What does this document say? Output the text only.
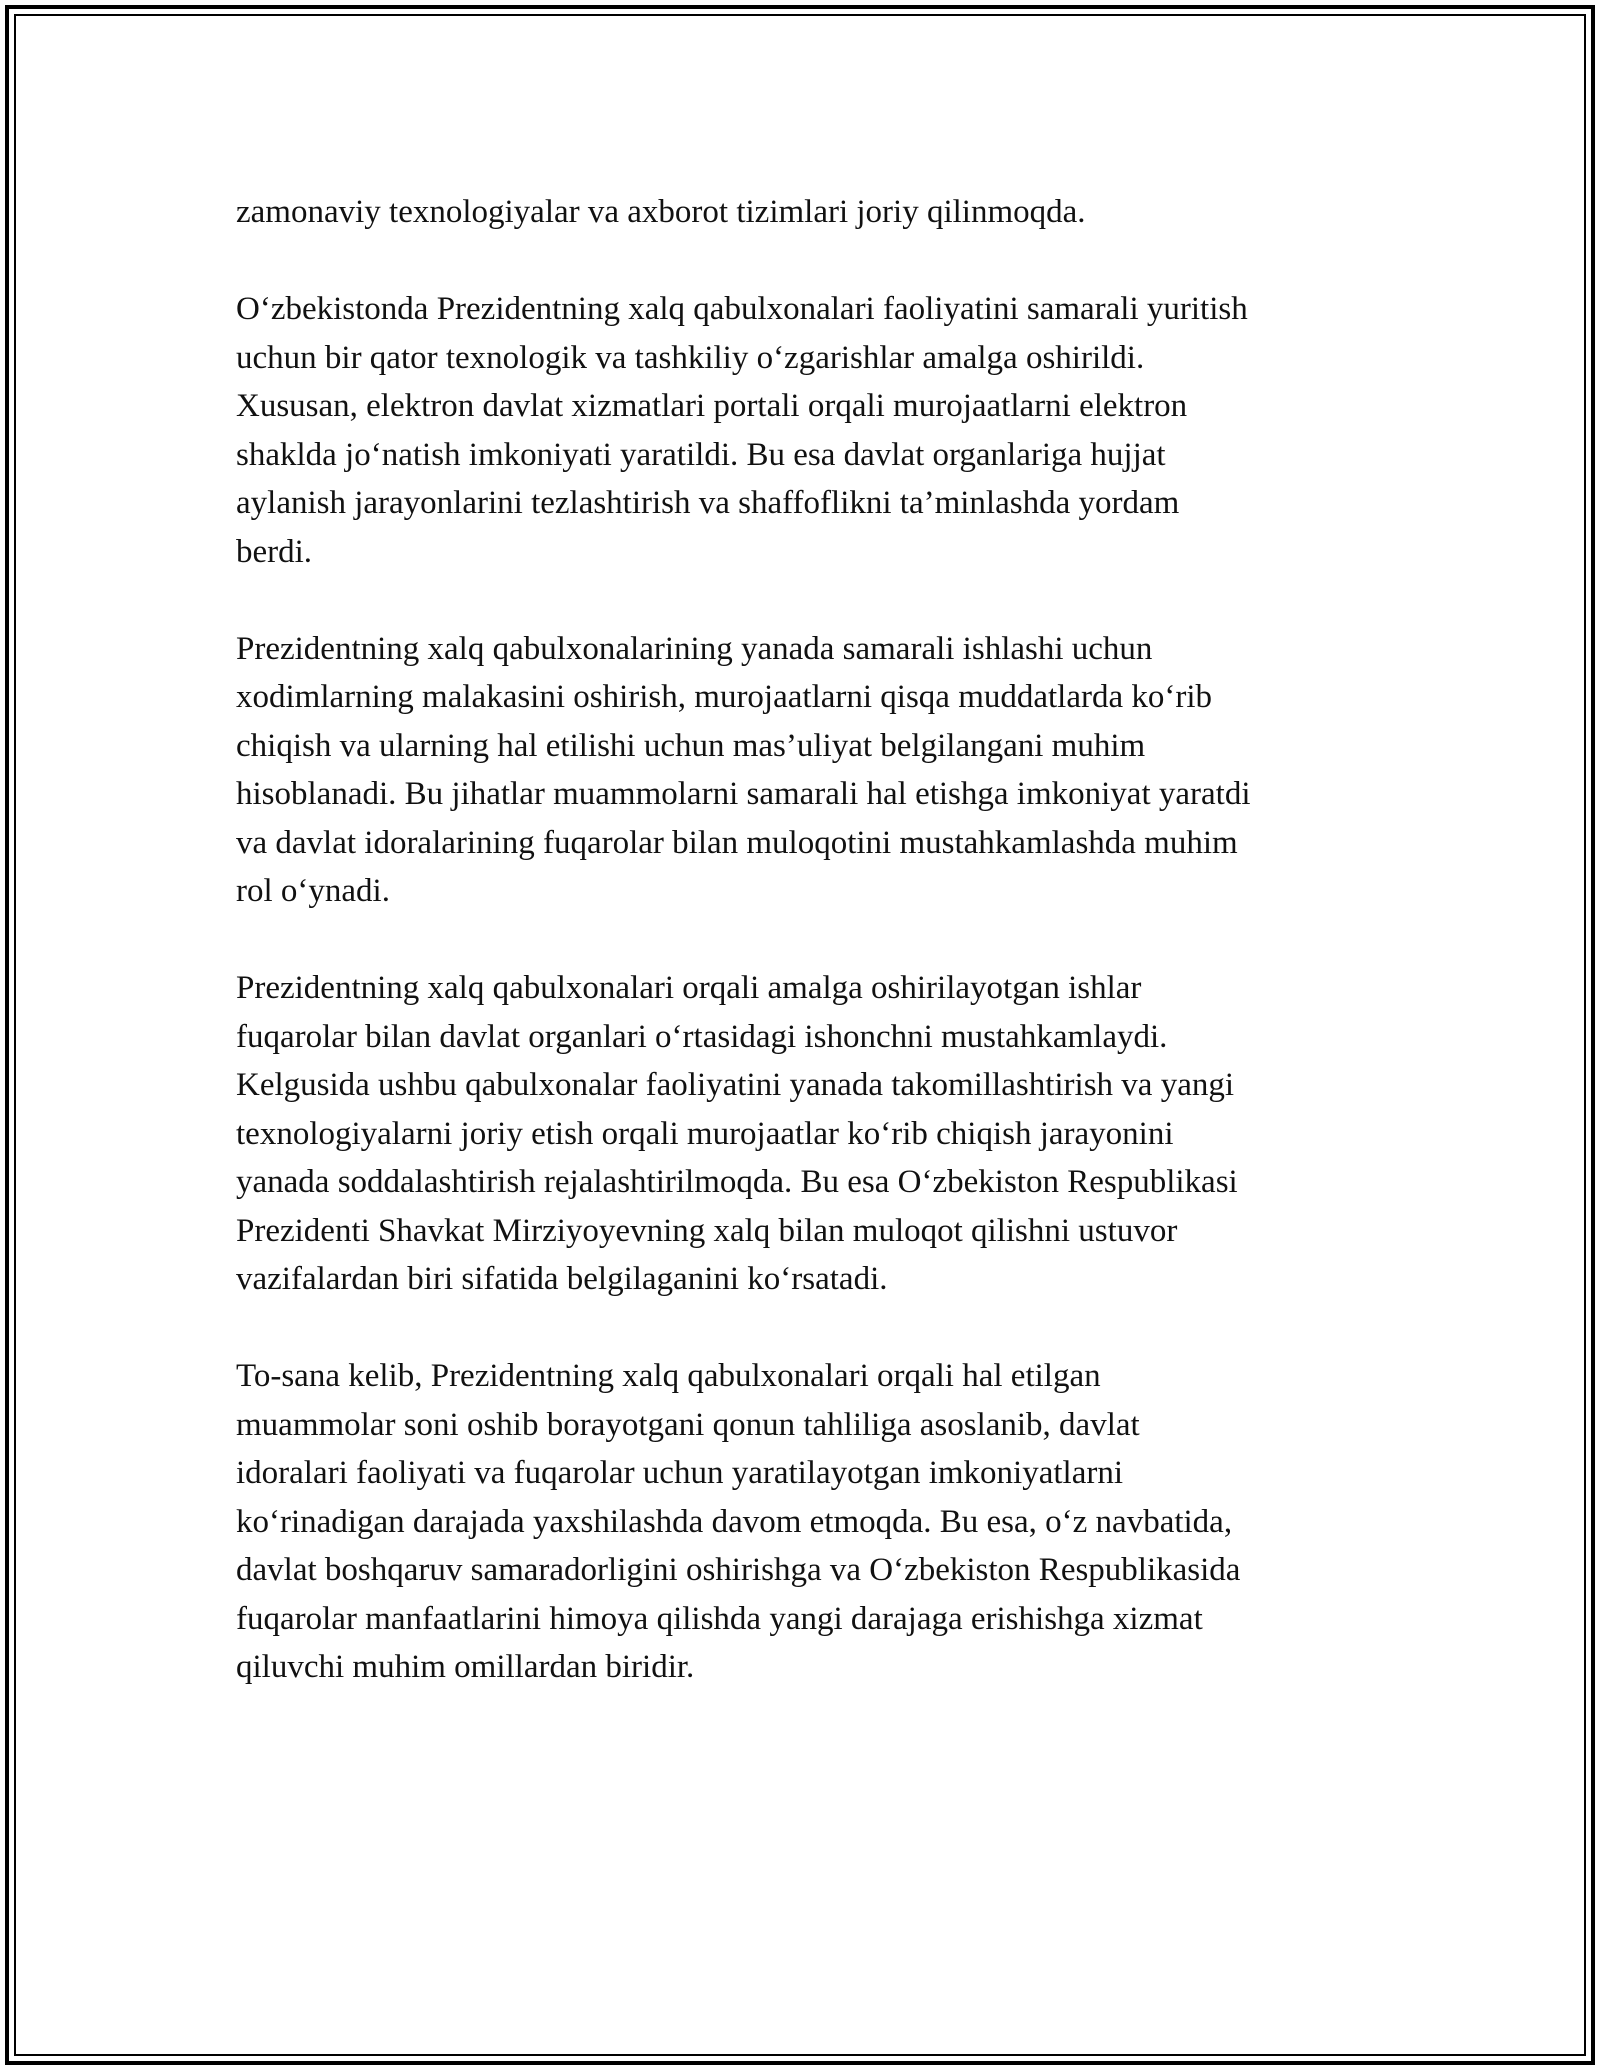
zamonaviy texnologiyalar va axborot tizimlari joriy qilinmoqda.

O‘zbekistonda Prezidentning xalq qabulxonalari faoliyatini samarali yuritish
uchun bir qator texnologik va tashkiliy o‘zgarishlar amalga oshirildi.
Xususan, elektron davlat xizmatlari portali orqali murojaatlarni elektron
shaklda jo‘natish imkoniyati yaratildi. Bu esa davlat organlariga hujjat
aylanish jarayonlarini tezlashtirish va shaffoflikni ta’minlashda yordam
berdi.

Prezidentning xalq qabulxonalarining yanada samarali ishlashi uchun
xodimlarning malakasini oshirish, murojaatlarni qisqa muddatlarda ko‘rib
chiqish va ularning hal etilishi uchun mas’uliyat belgilangani muhim
hisoblanadi. Bu jihatlar muammolarni samarali hal etishga imkoniyat yaratdi
va davlat idoralarining fuqarolar bilan muloqotini mustahkamlashda muhim
rol o‘ynadi.

Prezidentning xalq qabulxonalari orqali amalga oshirilayotgan ishlar
fuqarolar bilan davlat organlari o‘rtasidagi ishonchni mustahkamlaydi.
Kelgusida ushbu qabulxonalar faoliyatini yanada takomillashtirish va yangi
texnologiyalarni joriy etish orqali murojaatlar ko‘rib chiqish jarayonini
yanada soddalashtirish rejalashtirilmoqda. Bu esa O‘zbekiston Respublikasi
Prezidenti Shavkat Mirziyoyevning xalq bilan muloqot qilishni ustuvor
vazifalardan biri sifatida belgilaganini ko‘rsatadi.

To-sana kelib, Prezidentning xalq qabulxonalari orqali hal etilgan
muammolar soni oshib borayotgani qonun tahliliga asoslanib, davlat
idoralari faoliyati va fuqarolar uchun yaratilayotgan imkoniyatlarni
ko‘rinadigan darajada yaxshilashda davom etmoqda. Bu esa, o‘z navbatida,
davlat boshqaruv samaradorligini oshirishga va O‘zbekiston Respublikasida
fuqarolar manfaatlarini himoya qilishda yangi darajaga erishishga xizmat
qiluvchi muhim omillardan biridir.
